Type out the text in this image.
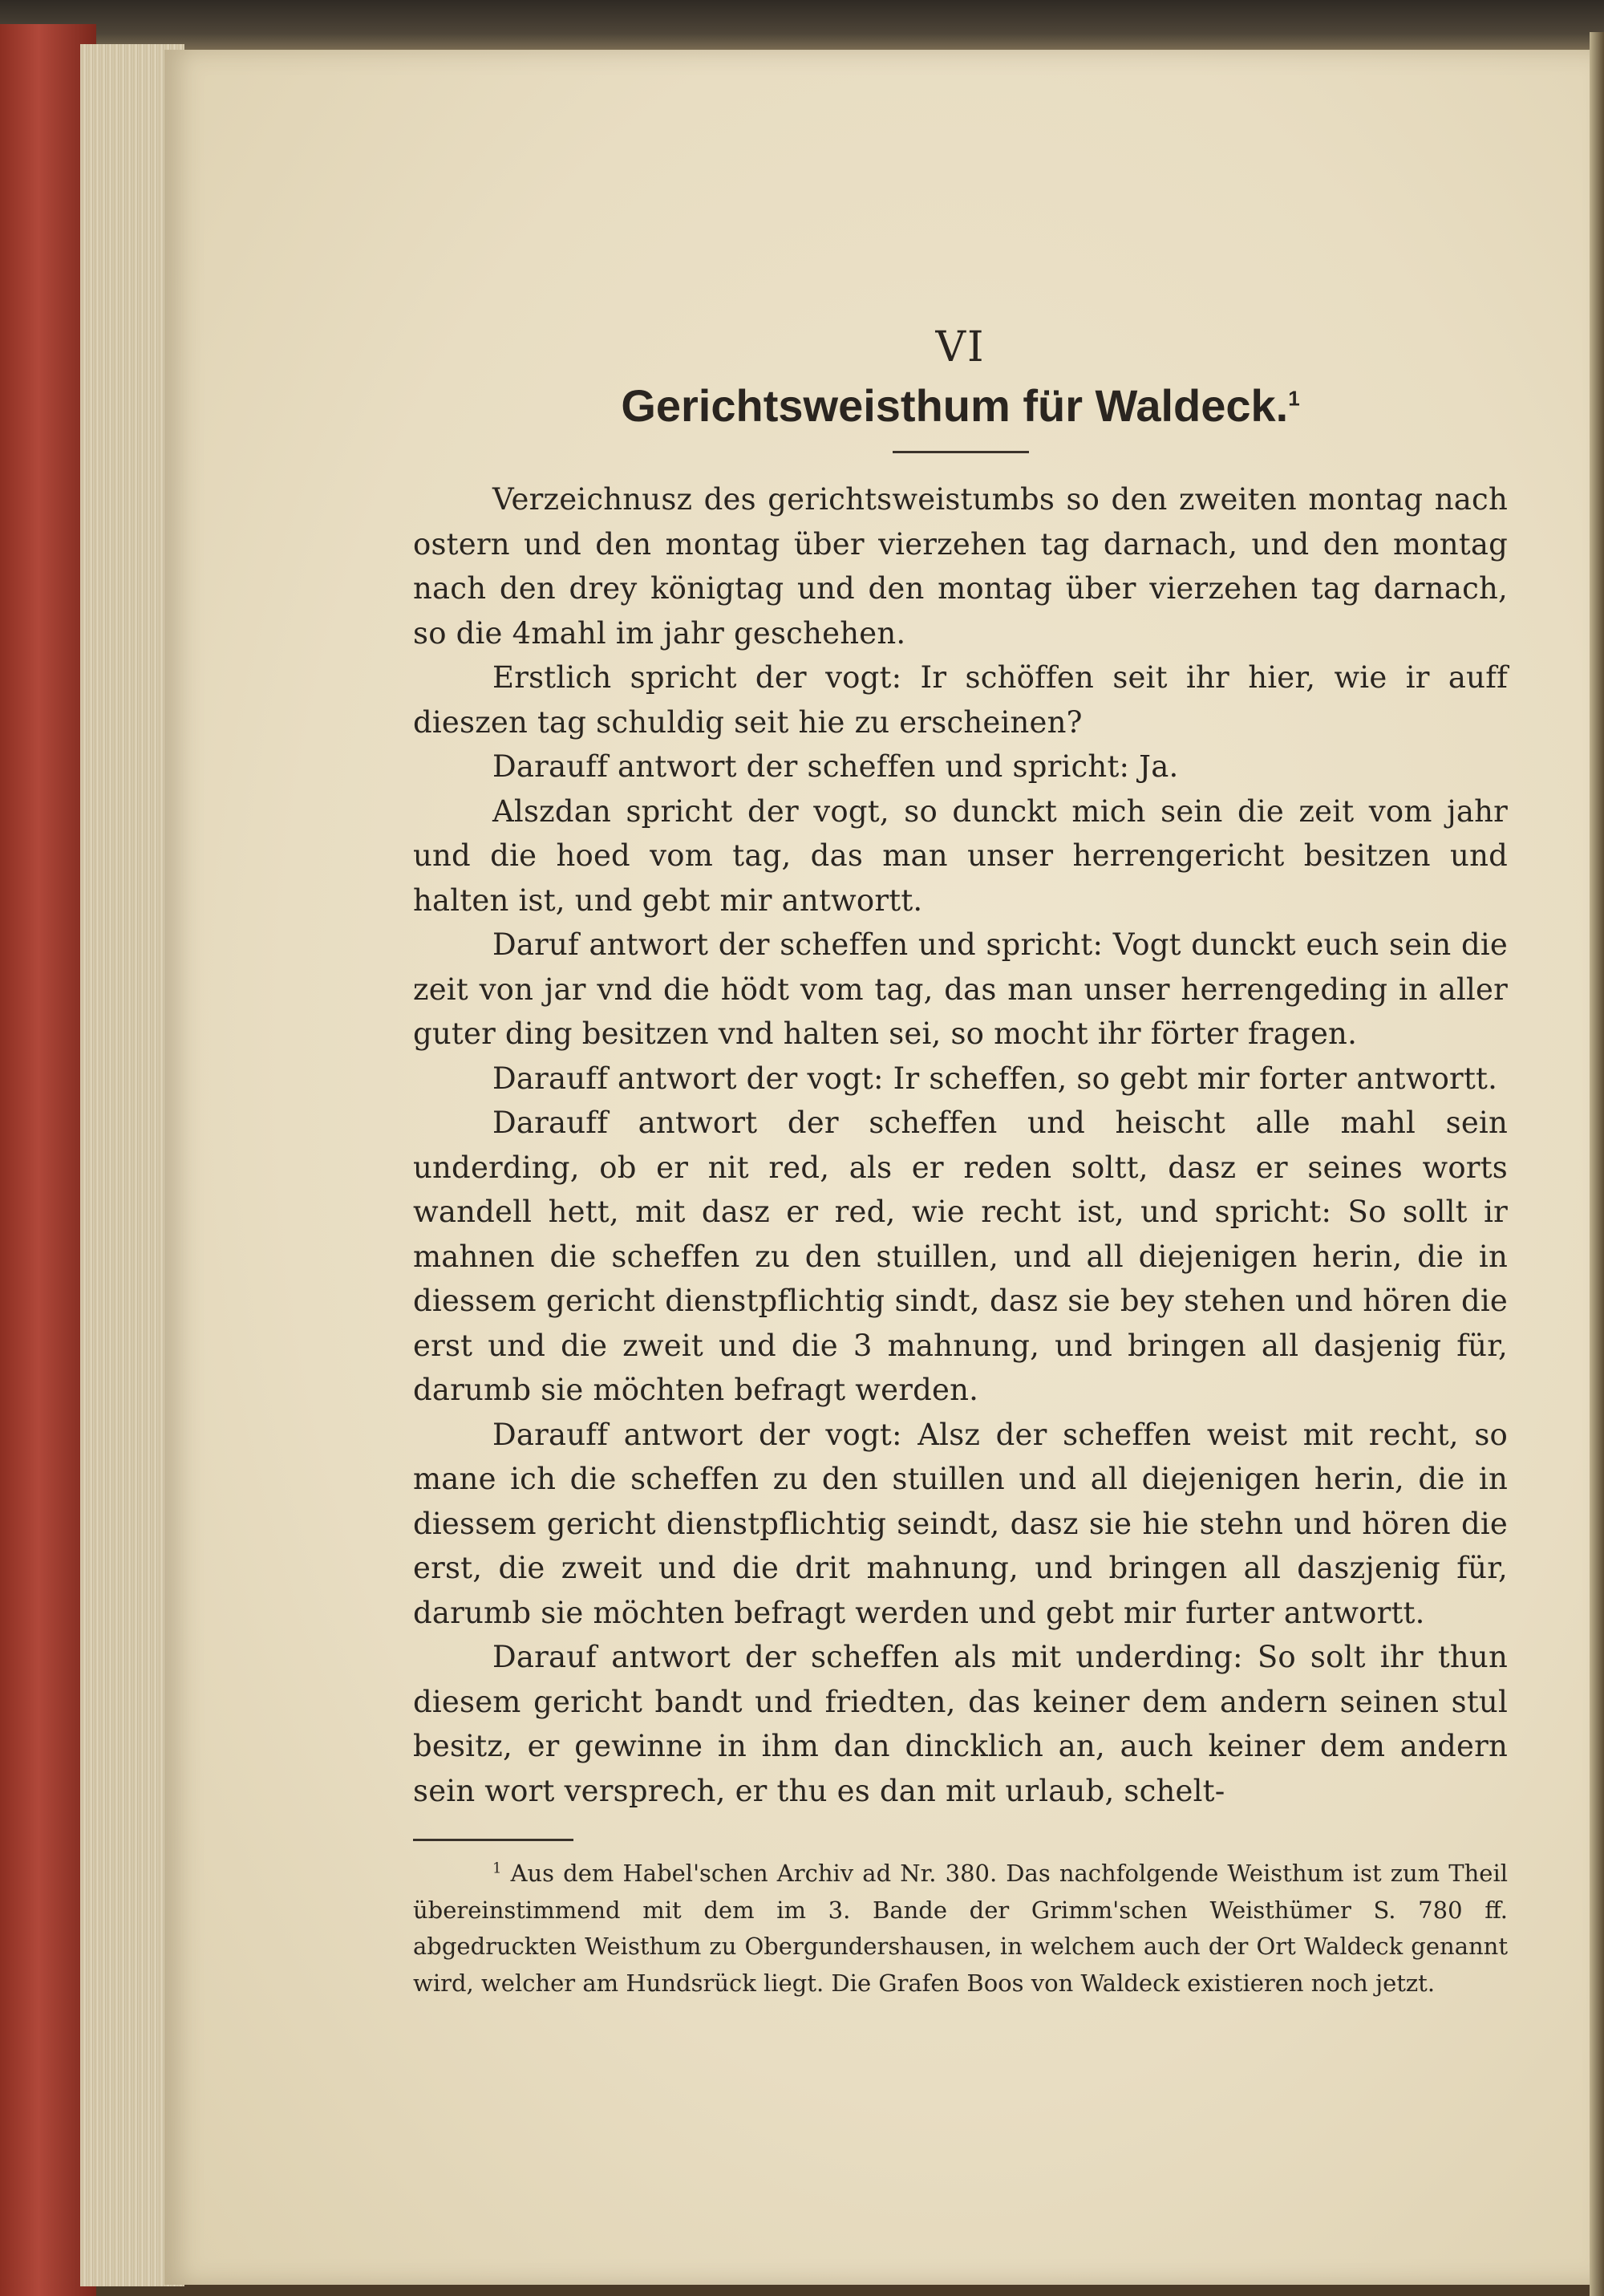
VI

Gerichtsweisthum für Waldeck.$^1$

Verzeichnusz des gerichtsweistumbs so den zweiten montag nach ostern und den montag über vierzehen tag darnach, und den montag nach den drey königtag und den montag über vierzehen tag darnach, so die 4mahl im jahr geschehen.

Erstlich spricht der vogt: Ir schöffen seit ihr hier, wie ir auff dieszen tag schuldig seit hie zu erscheinen?

Darauff antwort der scheffen und spricht: Ja.

Alszdan spricht der vogt, so dunckt mich sein die zeit vom jahr und die hoed vom tag, das man unser herrengericht besitzen und halten ist, und gebt mir antwortt.

Daruf antwort der scheffen und spricht: Vogt dunckt euch sein die zeit von jar vnd die hödt vom tag, das man unser herrengeding in aller guter ding besitzen vnd halten sei, so mocht ihr förter fragen.

Darauff antwort der vogt: Ir scheffen, so gebt mir forter antwortt.

Darauff antwort der scheffen und heischt alle mahl sein underding, ob er nit red, als er reden soltt, dasz er seines worts wandell hett, mit dasz er red, wie recht ist, und spricht: So sollt ir mahnen die scheffen zu den stuillen, und all diejenigen herin, die in diessem gericht dienstpflichtig sindt, dasz sie bey stehen und hören die erst und die zweit und die 3 mahnung, und bringen all dasjenig für, darumb sie möchten befragt werden.

Darauff antwort der vogt: Alsz der scheffen weist mit recht, so mane ich die scheffen zu den stuillen und all diejenigen herin, die in diessem gericht dienstpflichtig seindt, dasz sie hie stehn und hören die erst, die zweit und die drit mahnung, und bringen all daszjenig für, darumb sie möchten befragt werden und gebt mir furter antwortt.

Darauf antwort der scheffen als mit underding: So solt ihr thun diesem gericht bandt und friedten, das keiner dem andern seinen stul besitz, er gewinne in ihm dan dincklich an, auch keiner dem andern sein wort versprech, er thu es dan mit urlaub, schelt-

$^1$ Aus dem Habel'schen Archiv ad Nr. 380. Das nachfolgende Weisthum ist zum Theil übereinstimmend mit dem im 3. Bande der Grimm'schen Weisthümer S. 780 ff. abgedruckten Weisthum zu Obergundershausen, in welchem auch der Ort Waldeck genannt wird, welcher am Hundsrück liegt. Die Grafen Boos von Waldeck existieren noch jetzt.
